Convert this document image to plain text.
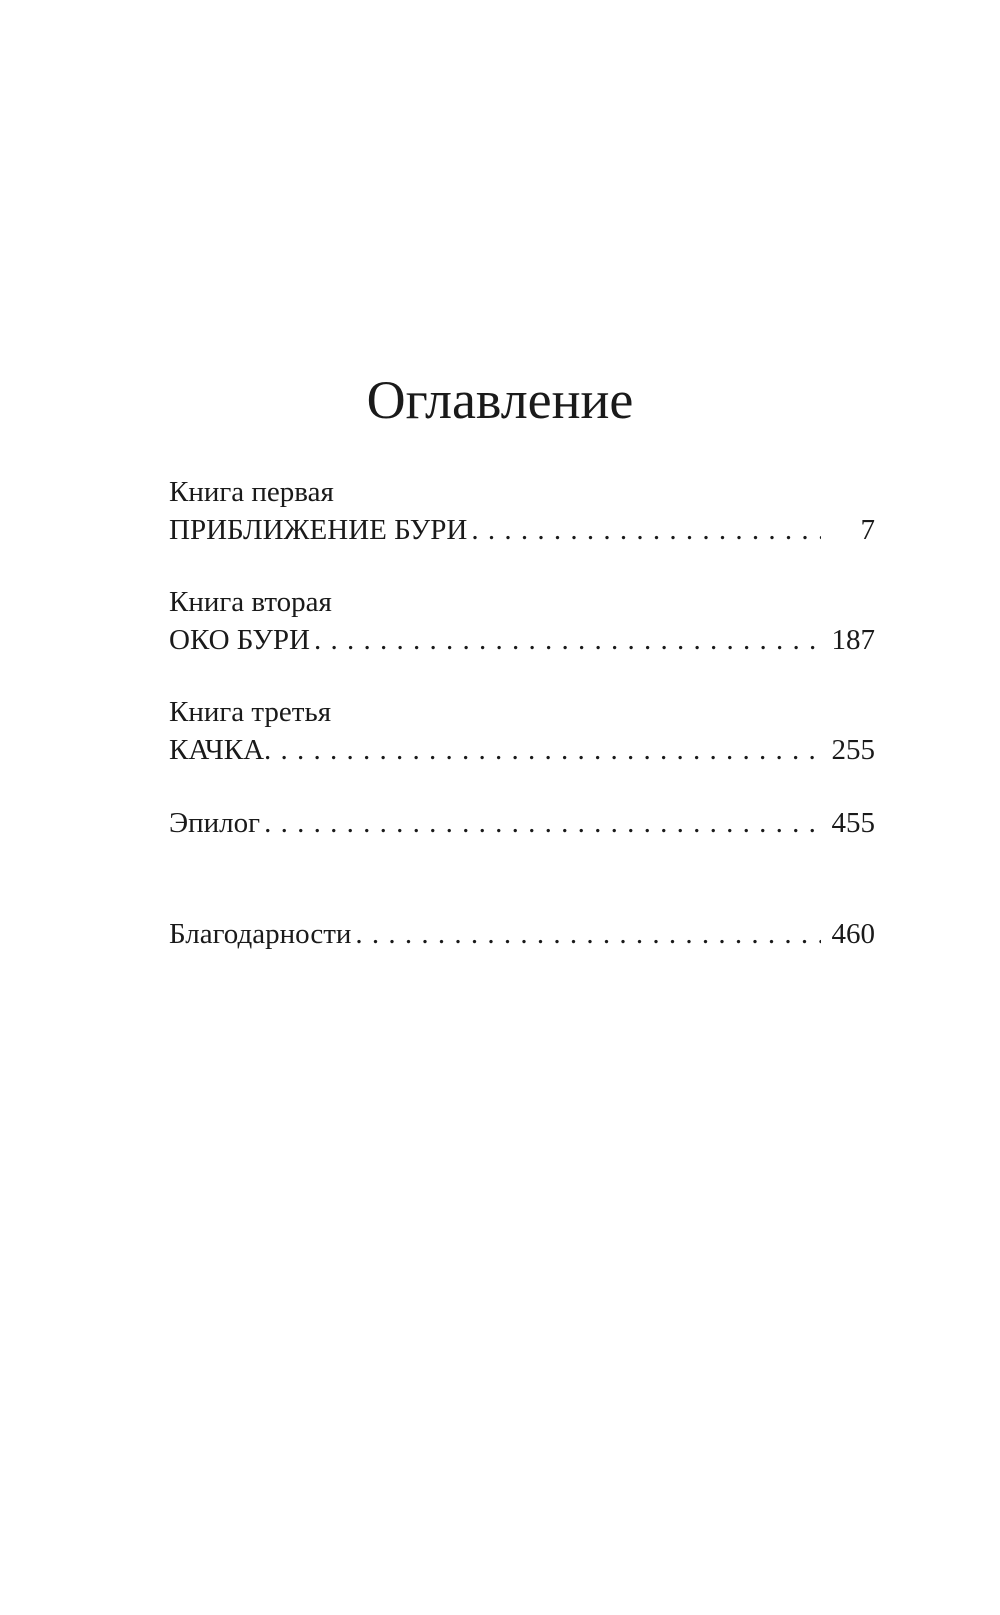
Оглавление
Книга первая
ПРИБЛИЖЕНИЕ БУРИ . . .	7
Книга вторая
ОКО БУРИ . . .	187
Книга третья
КАЧКА . . .	255
Эпилог . . .	455
Благодарности . . .	460
